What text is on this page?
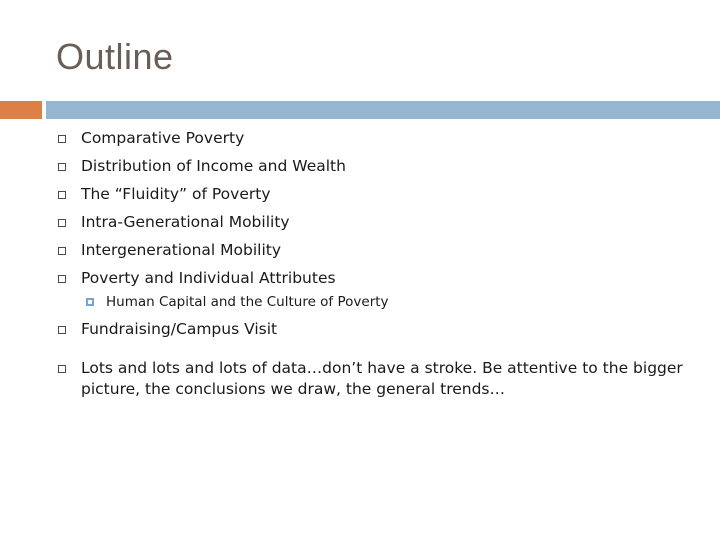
Outline
Comparative Poverty
Distribution of Income and Wealth
The “Fluidity” of Poverty
Intra-Generational Mobility
Intergenerational Mobility
Poverty and Individual Attributes
Human Capital and the Culture of Poverty
Fundraising/Campus Visit
Lots and lots and lots of data…don’t have a stroke. Be attentive to the bigger picture, the conclusions we draw, the general trends…
